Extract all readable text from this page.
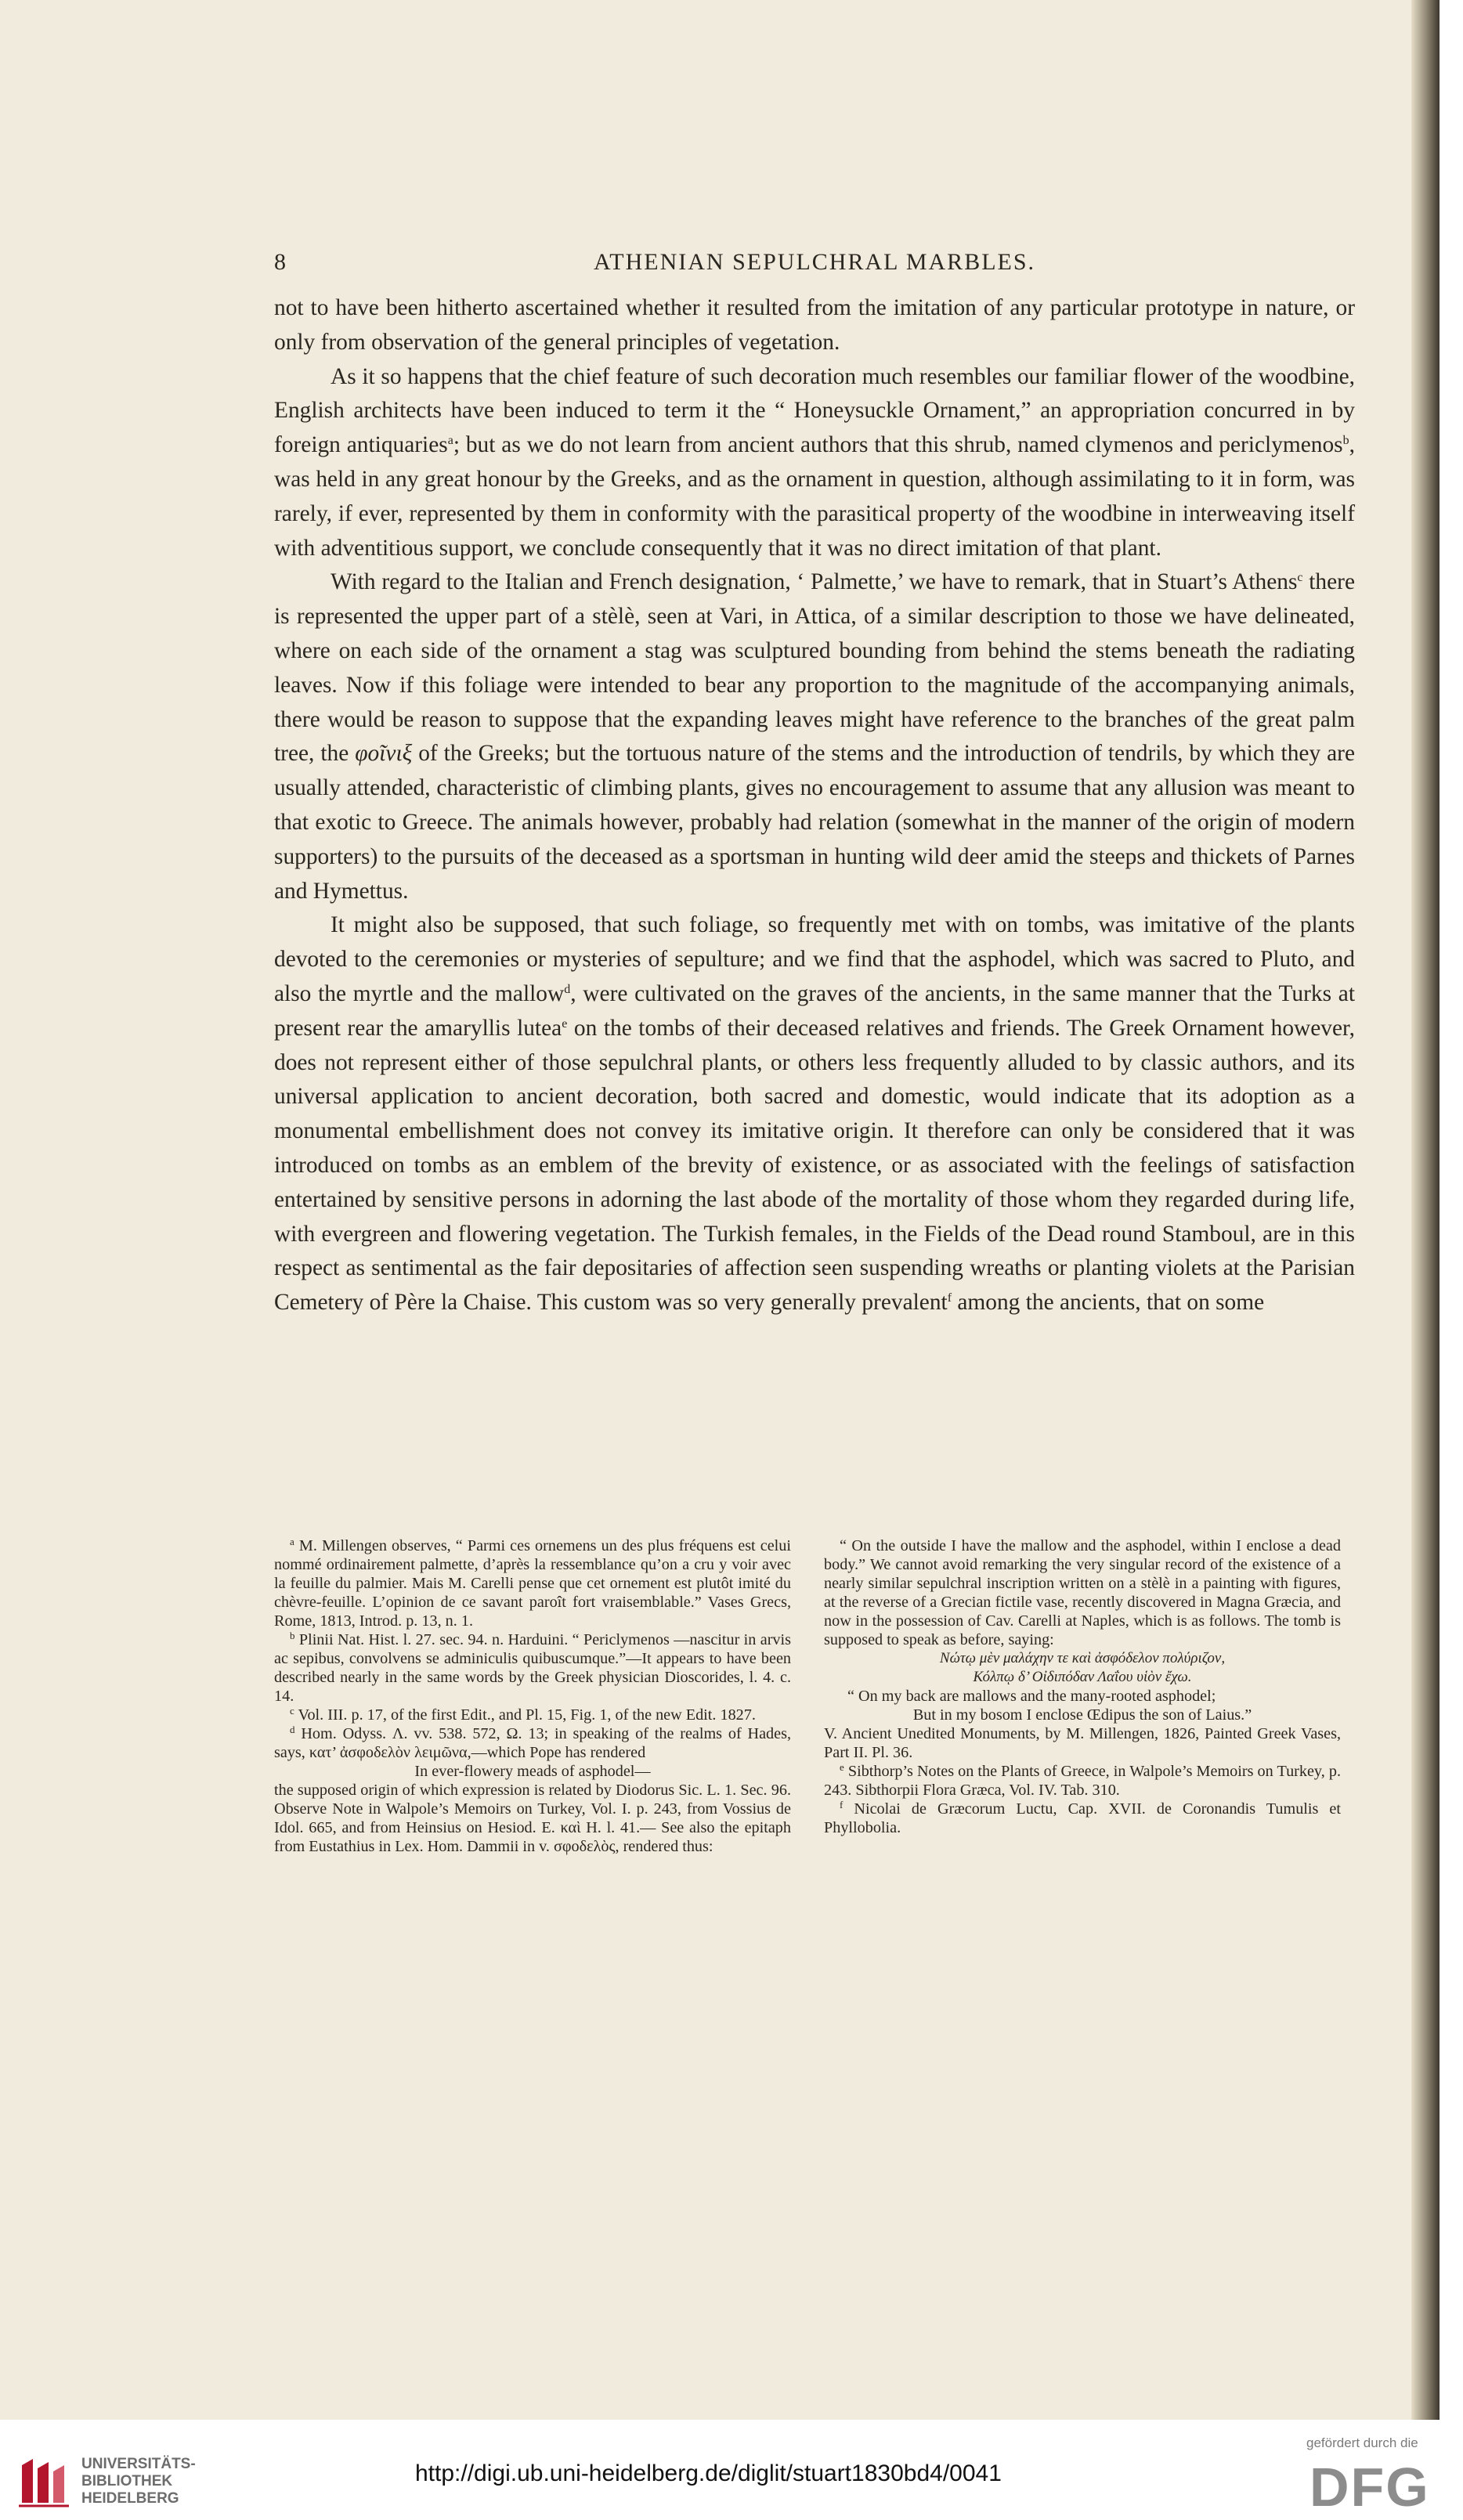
8	ATHENIAN SEPULCHRAL MARBLES.

not to have been hitherto ascertained whether it resulted from the imitation of any particular prototype in nature, or only from observation of the general principles of vegetation.

As it so happens that the chief feature of such decoration much resembles our familiar flower of the woodbine, English architects have been induced to term it the “ Honeysuckle Ornament,” an appropriation concurred in by foreign antiquaries$^a$; but as we do not learn from ancient authors that this shrub, named clymenos and periclymenos$^b$, was held in any great honour by the Greeks, and as the ornament in question, although assimilating to it in form, was rarely, if ever, represented by them in conformity with the parasitical property of the woodbine in interweaving itself with adventitious support, we conclude consequently that it was no direct imitation of that plant.

With regard to the Italian and French designation, ‘ Palmette,’ we have to remark, that in Stuart’s Athens$^c$ there is represented the upper part of a stèlè, seen at Vari, in Attica, of a similar description to those we have delineated, where on each side of the ornament a stag was sculptured bounding from behind the stems beneath the radiating leaves. Now if this foliage were intended to bear any proportion to the magnitude of the accompanying animals, there would be reason to suppose that the expanding leaves might have reference to the branches of the great palm tree, the φοῖνιξ of the Greeks; but the tortuous nature of the stems and the introduction of tendrils, by which they are usually attended, characteristic of climbing plants, gives no encouragement to assume that any allusion was meant to that exotic to Greece. The animals however, probably had relation (somewhat in the manner of the origin of modern supporters) to the pursuits of the deceased as a sportsman in hunting wild deer amid the steeps and thickets of Parnes and Hymettus.

It might also be supposed, that such foliage, so frequently met with on tombs, was imitative of the plants devoted to the ceremonies or mysteries of sepulture; and we find that the asphodel, which was sacred to Pluto, and also the myrtle and the mallow$^d$, were cultivated on the graves of the ancients, in the same manner that the Turks at present rear the amaryllis lutea$^e$ on the tombs of their deceased relatives and friends. The Greek Ornament however, does not represent either of those sepulchral plants, or others less frequently alluded to by classic authors, and its universal application to ancient decoration, both sacred and domestic, would indicate that its adoption as a monumental embellishment does not convey its imitative origin. It therefore can only be considered that it was introduced on tombs as an emblem of the brevity of existence, or as associated with the feelings of satisfaction entertained by sensitive persons in adorning the last abode of the mortality of those whom they regarded during life, with evergreen and flowering vegetation. The Turkish females, in the Fields of the Dead round Stamboul, are in this respect as sentimental as the fair depositaries of affection seen suspending wreaths or planting violets at the Parisian Cemetery of Père la Chaise. This custom was so very generally prevalent$^f$ among the ancients, that on some

$^a$ M. Millengen observes, “ Parmi ces ornemens un des plus fréquens est celui nommé ordinairement palmette, d’après la ressemblance qu’on a cru y voir avec la feuille du palmier. Mais M. Carelli pense que cet ornement est plutôt imité du chèvre-feuille. L’opinion de ce savant paroît fort vraisemblable.” Vases Grecs, Rome, 1813, Introd. p. 13, n. 1.

$^b$ Plinii Nat. Hist. l. 27. sec. 94. n. Harduini. “ Periclymenos —nascitur in arvis ac sepibus, convolvens se adminiculis quibuscumque.”—It appears to have been described nearly in the same words by the Greek physician Dioscorides, l. 4. c. 14.

$^c$ Vol. III. p. 17, of the first Edit., and Pl. 15, Fig. 1, of the new Edit. 1827.

$^d$ Hom. Odyss. Λ. vv. 538. 572, Ω. 13; in speaking of the realms of Hades, says, κατ’ ἀσφοδελὸν λειμῶνα,—which Pope has rendered

In ever-flowery meads of asphodel—

the supposed origin of which expression is related by Diodorus Sic. L. 1. Sec. 96. Observe Note in Walpole’s Memoirs on Turkey, Vol. I. p. 243, from Vossius de Idol. 665, and from Heinsius on Hesiod. Ε. καὶ Η. l. 41.— See also the epitaph from Eustathius in Lex. Hom. Dammii in v. σφοδελὸς, rendered thus:

“ On the outside I have the mallow and the asphodel, within I enclose a dead body.” We cannot avoid remarking the very singular record of the existence of a nearly similar sepulchral inscription written on a stèlè in a painting with figures, at the reverse of a Grecian fictile vase, recently discovered in Magna Græcia, and now in the possession of Cav. Carelli at Naples, which is as follows. The tomb is supposed to speak as before, saying:

Νώτῳ μὲν μαλάχην τε καὶ ἀσφόδελον πολύριζον,

Κόλπῳ δ’ Οἰδιπόδαν Λαΐου υἱὸν ἔχω.

“ On my back are mallows and the many-rooted asphodel;

But in my bosom I enclose Œdipus the son of Laius.”

V. Ancient Unedited Monuments, by M. Millengen, 1826, Painted Greek Vases, Part II. Pl. 36.

$^e$ Sibthorp’s Notes on the Plants of Greece, in Walpole’s Memoirs on Turkey, p. 243. Sibthorpii Flora Græca, Vol. IV. Tab. 310.

$^f$ Nicolai de Græcorum Luctu, Cap. XVII. de Coronandis Tumulis et Phyllobolia.

UNIVERSITÄTS-
BIBLIOTHEK
HEIDELBERG
http://digi.ub.uni-heidelberg.de/diglit/stuart1830bd4/0041
gefördert durch die
DFG
